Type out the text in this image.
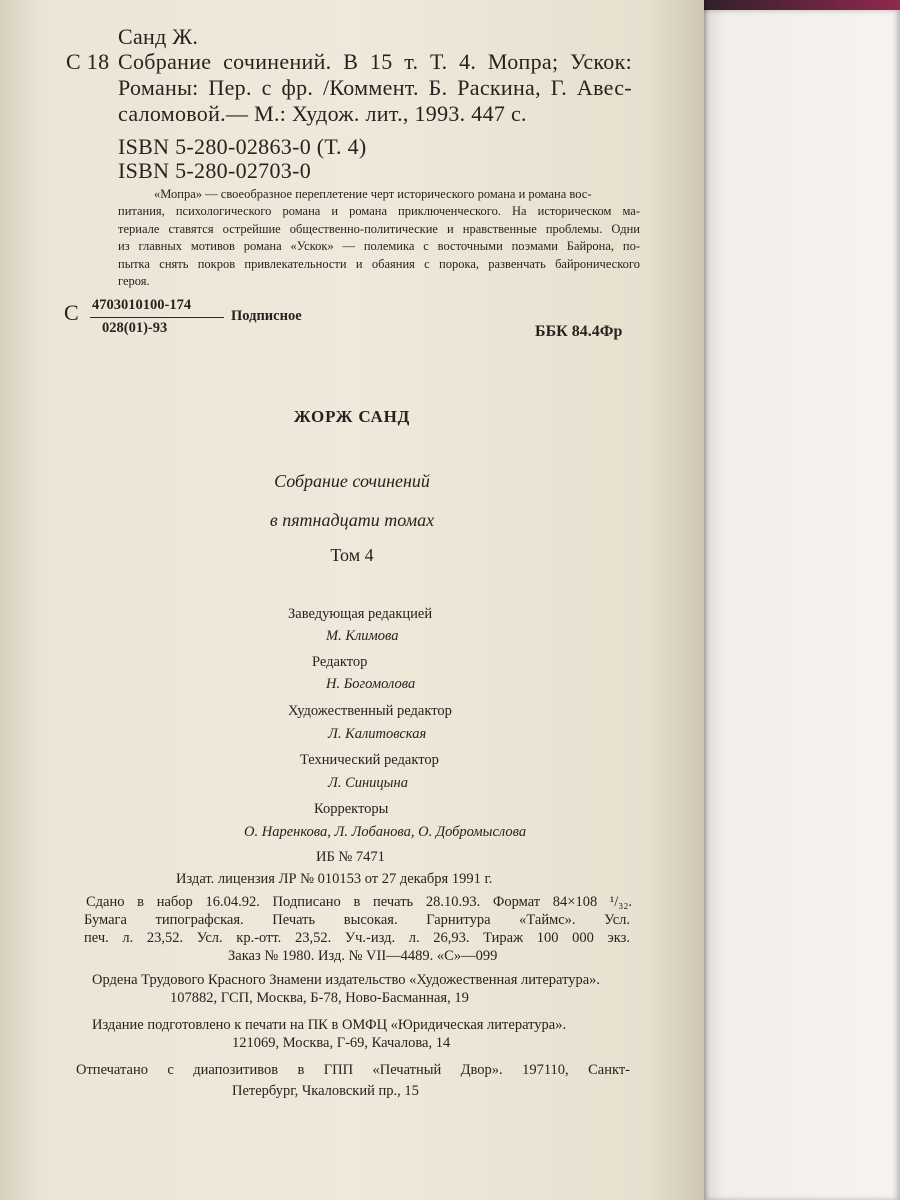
Санд Ж.
С 18 Собрание сочинений. В 15 т. Т. 4. Мопра; Ускок:
Романы: Пер. с фр. /Коммент. Б. Раскина, Г. Авес-
саломовой.— М.: Худож. лит., 1993. 447 с.
ISBN 5-280-02863-0 (Т. 4)
ISBN 5-280-02703-0
«Мопра» — своеобразное переплетение черт исторического романа и романа вос-
питания, психологического романа и романа приключенческого. На историческом ма-
териале ставятся острейшие общественно-политические и нравственные проблемы. Одни
из главных мотивов романа «Ускок» — полемика с восточными поэмами Байрона, по-
пытка снять покров привлекательности и обаяния с порока, развенчать байронического
героя.
С 4703010100-174
028(01)-93
Подписное
ББК 84.4Фр
ЖОРЖ САНД
Собрание сочинений
в пятнадцати томах
Том 4
Заведующая редакцией
М. Климова
Редактор
Н. Богомолова
Художественный редактор
Л. Калитовская
Технический редактор
Л. Синицына
Корректоры
О. Наренкова, Л. Лобанова, О. Добромыслова
ИБ № 7471
Издат. лицензия ЛР № 010153 от 27 декабря 1991 г.
Сдано в набор 16.04.92. Подписано в печать 28.10.93. Формат 84×108 ¹/₃₂.
Бумага типографская. Печать высокая. Гарнитура «Таймс». Усл.
печ. л. 23,52. Усл. кр.-отт. 23,52. Уч.-изд. л. 26,93. Тираж 100 000 экз.
Заказ № 1980. Изд. № VII—4489. «С»—099
Ордена Трудового Красного Знамени издательство «Художественная литература».
107882, ГСП, Москва, Б-78, Ново-Басманная, 19
Издание подготовлено к печати на ПК в ОМФЦ «Юридическая литература».
121069, Москва, Г-69, Качалова, 14
Отпечатано с диапозитивов в ГПП «Печатный Двор». 197110, Санкт-
Петербург, Чкаловский пр., 15
